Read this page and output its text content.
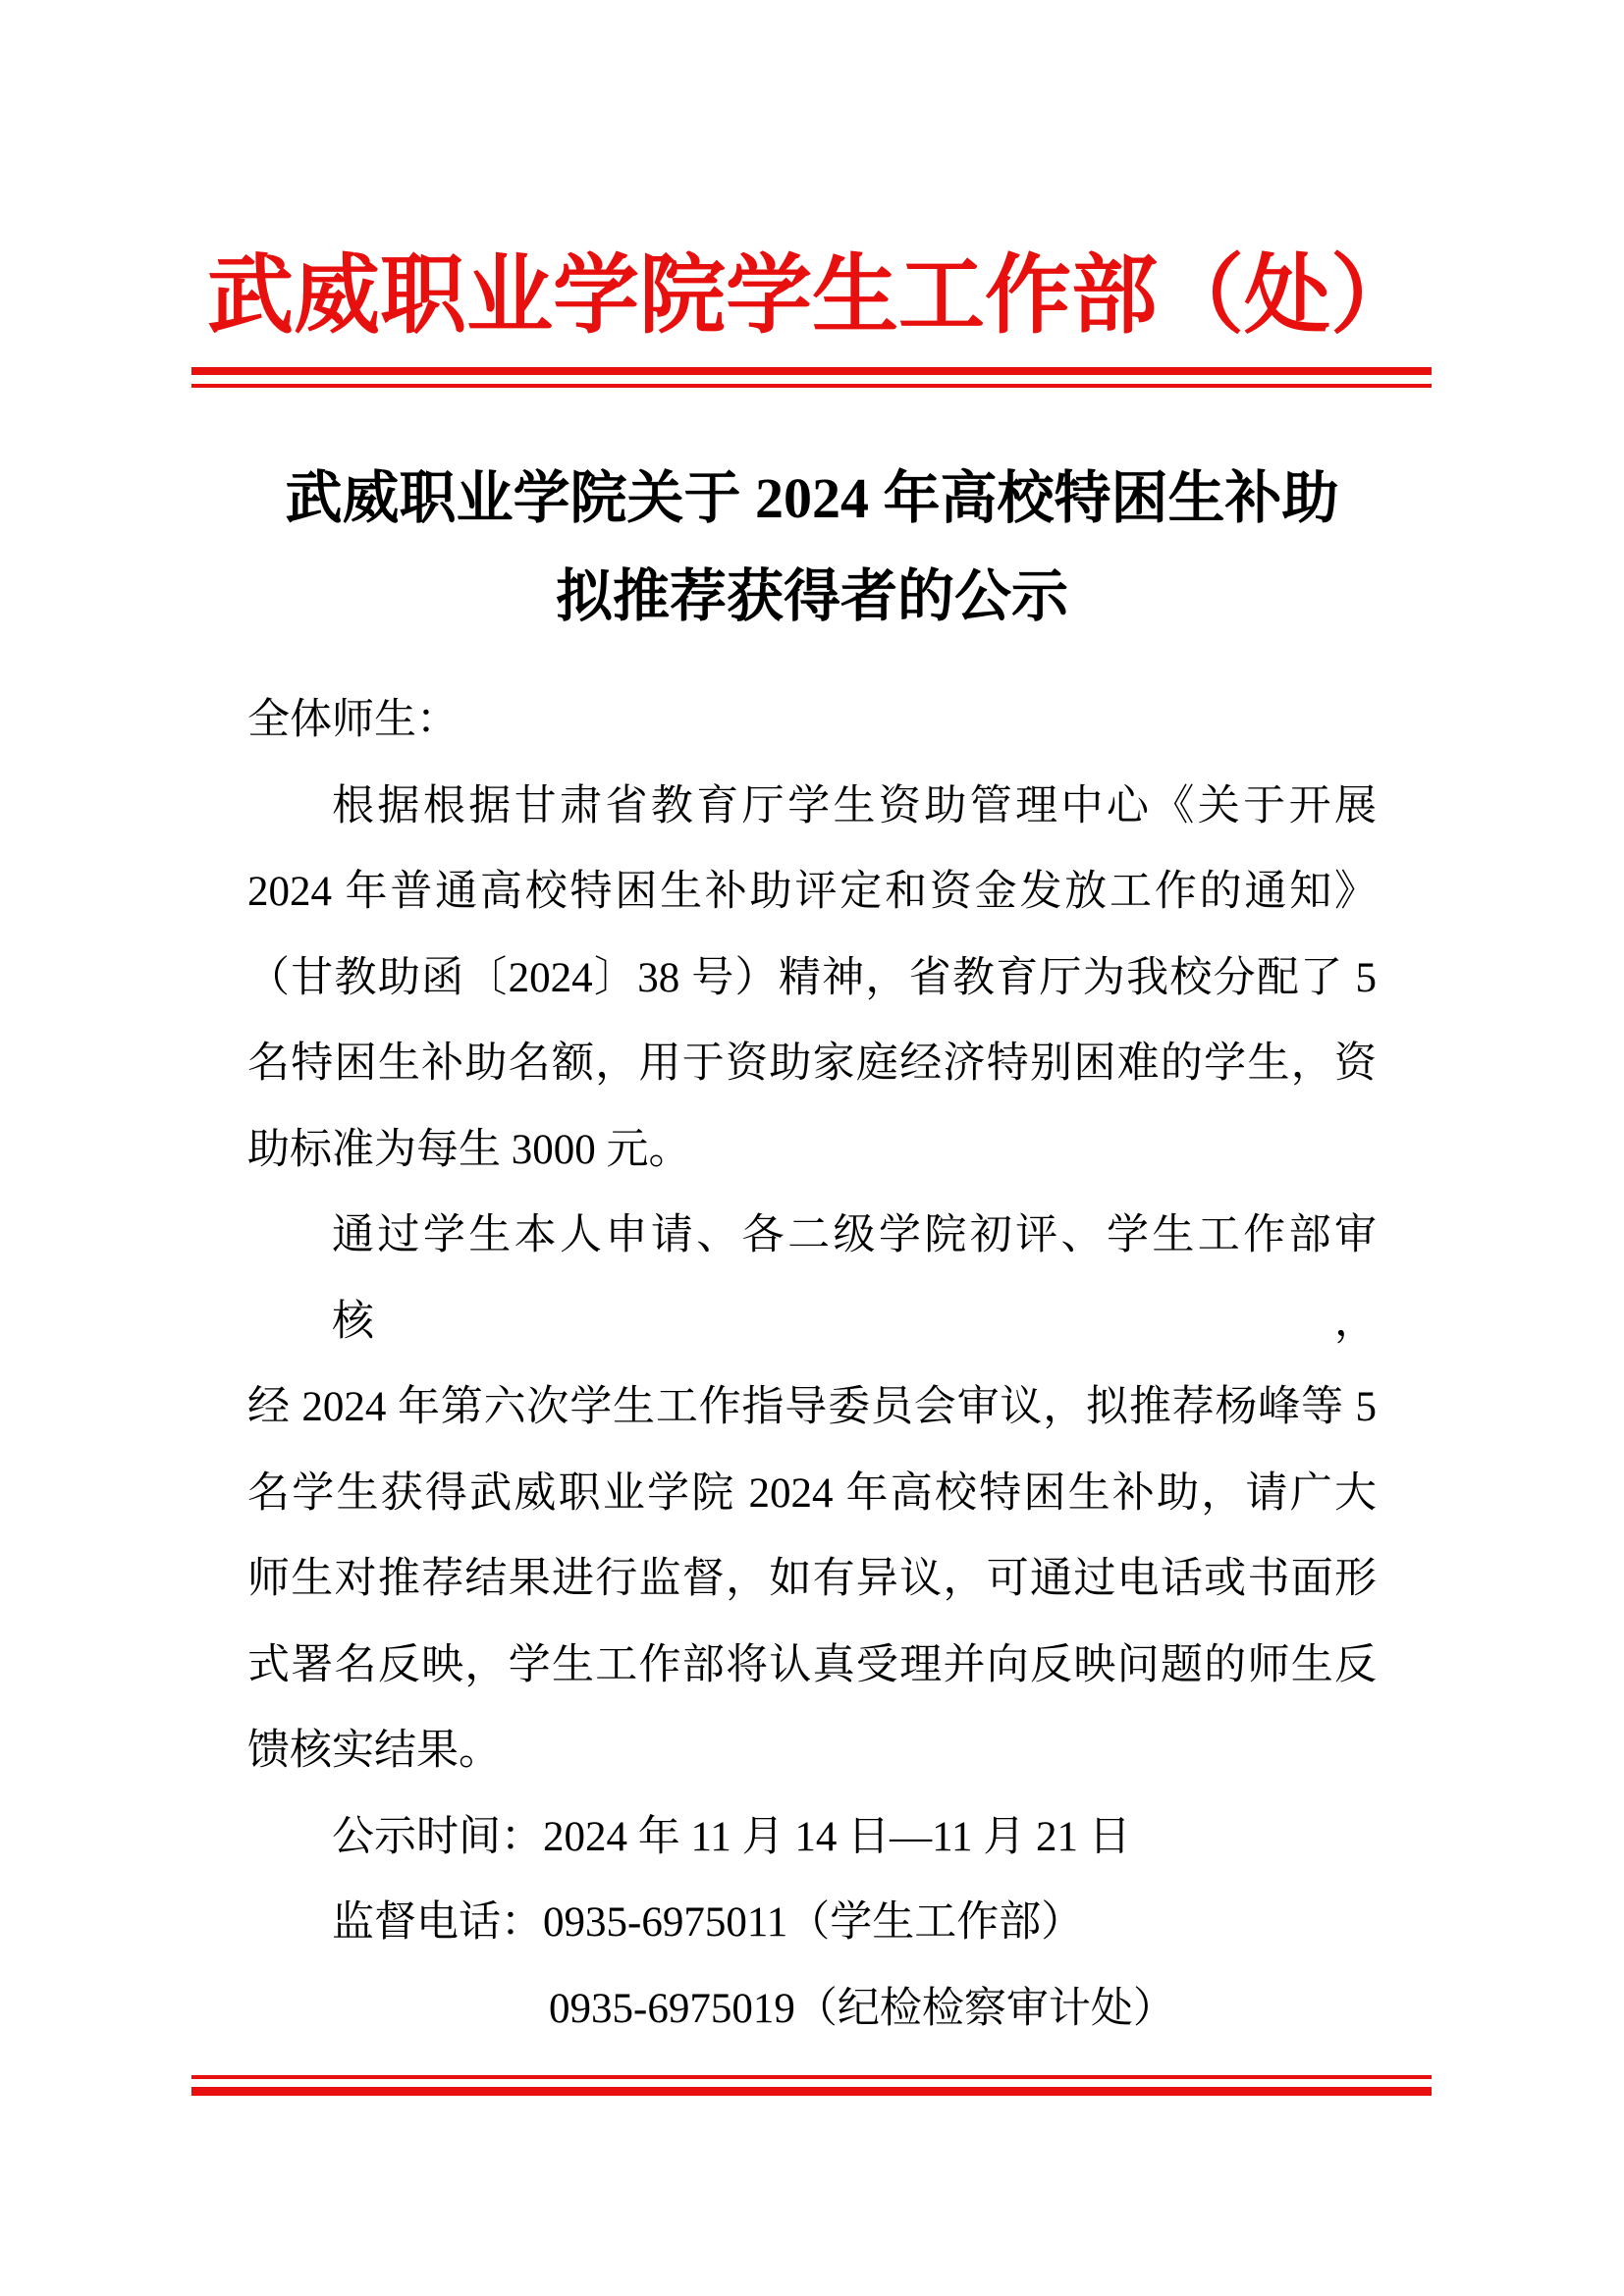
武威职业学院学生工作部（处）
武威职业学院关于 2024 年高校特困生补助
拟推荐获得者的公示
全体师生：
根据根据甘肃省教育厅学生资助管理中心《关于开展
2024 年普通高校特困生补助评定和资金发放工作的通知》
（甘教助函〔2024〕38 号）精神，省教育厅为我校分配了 5
名特困生补助名额，用于资助家庭经济特别困难的学生，资
助标准为每生 3000 元。
通过学生本人申请、各二级学院初评、学生工作部审核，
经 2024 年第六次学生工作指导委员会审议，拟推荐杨峰等 5
名学生获得武威职业学院 2024 年高校特困生补助，请广大
师生对推荐结果进行监督，如有异议，可通过电话或书面形
式署名反映，学生工作部将认真受理并向反映问题的师生反
馈核实结果。
公示时间：2024 年 11 月 14 日—11 月 21 日
监督电话：0935-6975011（学生工作部）
0935-6975019（纪检检察审计处）
